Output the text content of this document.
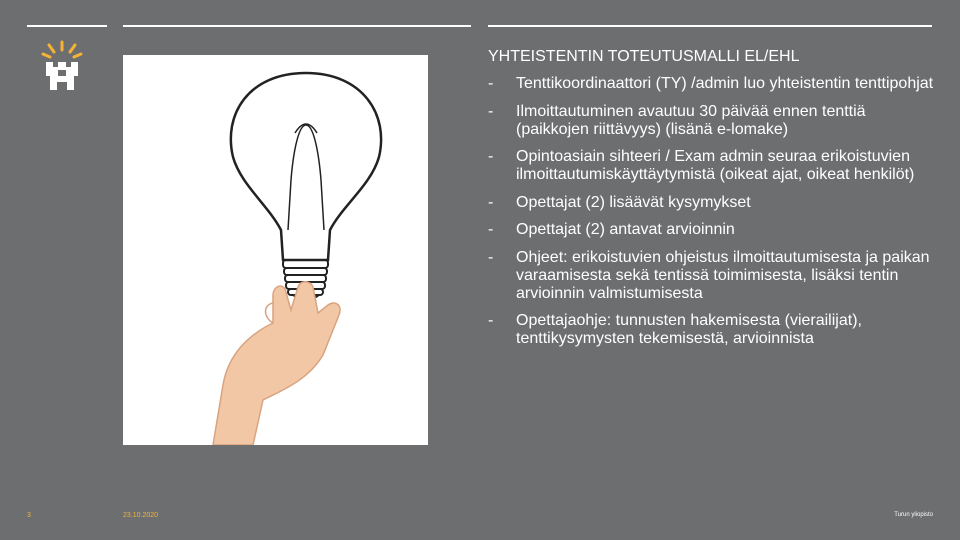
YHTEISTENTIN TOTEUTUSMALLI EL/EHL
-	Tenttikoordinaattori (TY) /admin luo yhteistentin tenttipohjat
-	Ilmoittautuminen avautuu 30 päivää ennen tenttiä (paikkojen riittävyys) (lisänä e-lomake)
-	Opintoasiain sihteeri / Exam admin seuraa erikoistuvien ilmoittautumiskäyttäytymistä (oikeat ajat, oikeat henkilöt)
-	Opettajat (2) lisäävät kysymykset
-	Opettajat (2) antavat arvioinnin
-	Ohjeet: erikoistuvien ohjeistus ilmoittautumisesta ja paikan varaamisesta sekä tentissä toimimisesta, lisäksi tentin arvioinnin valmistumisesta
-	Opettajaohje: tunnusten hakemisesta (vierailijat), tenttikysymysten tekemisestä, arvioinnista
3	23.10.2020	Turun yliopisto
